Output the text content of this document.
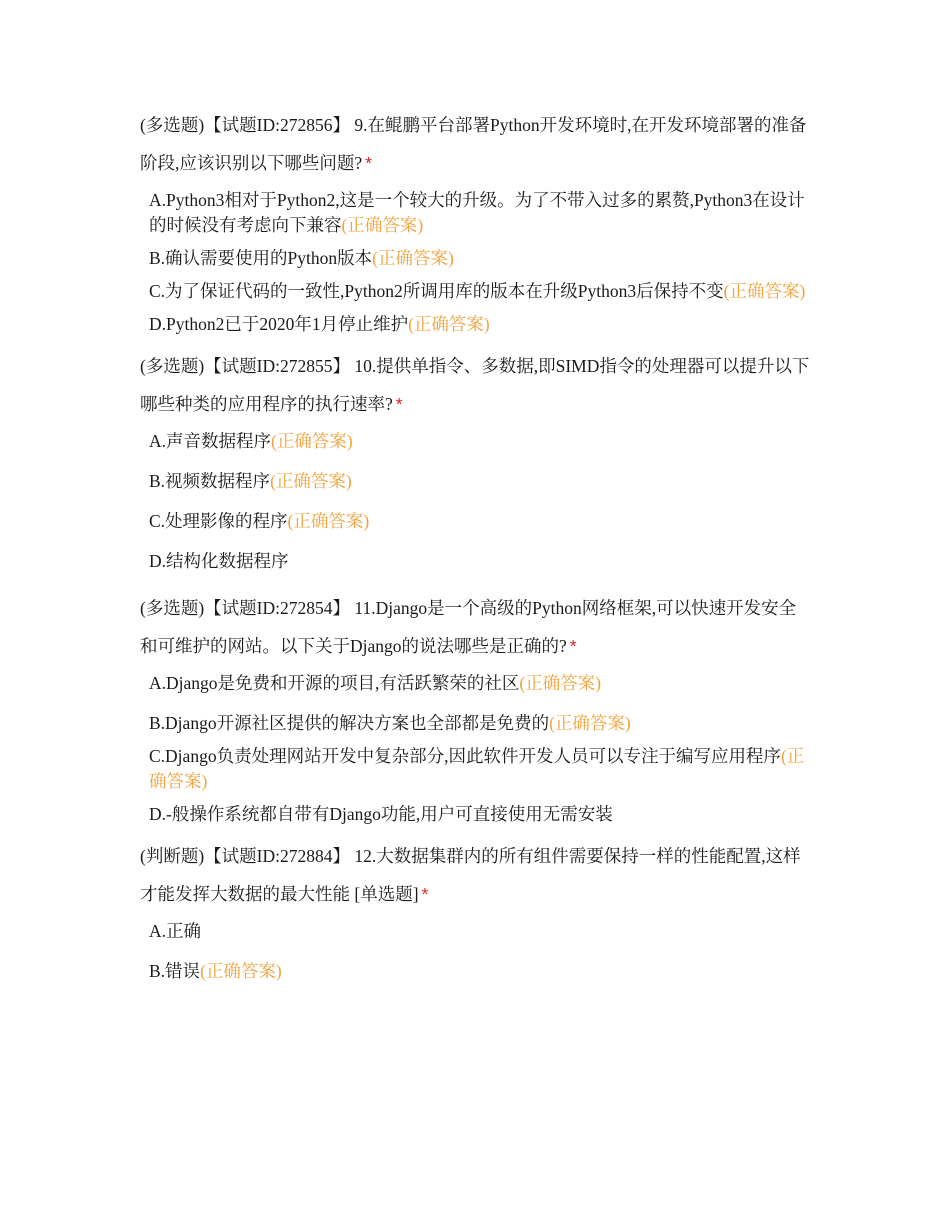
(多选题)【试题ID:272856】 9.在鲲鹏平台部署Python开发环境时,在开发环境部署的准备阶段,应该识别以下哪些问题? *
A.Python3相对于Python2,这是一个较大的升级。为了不带入过多的累赘,Python3在设计的时候没有考虑向下兼容(正确答案)
B.确认需要使用的Python版本(正确答案)
C.为了保证代码的一致性,Python2所调用库的版本在升级Python3后保持不变(正确答案)
D.Python2已于2020年1月停止维护(正确答案)
(多选题)【试题ID:272855】 10.提供单指令、多数据,即SIMD指令的处理器可以提升以下哪些种类的应用程序的执行速率? *
A.声音数据程序(正确答案)
B.视频数据程序(正确答案)
C.处理影像的程序(正确答案)
D.结构化数据程序
(多选题)【试题ID:272854】 11.Django是一个高级的Python网络框架,可以快速开发安全和可维护的网站。以下关于Django的说法哪些是正确的? *
A.Django是免费和开源的项目,有活跃繁荣的社区(正确答案)
B.Django开源社区提供的解决方案也全部都是免费的(正确答案)
C.Django负责处理网站开发中复杂部分,因此软件开发人员可以专注于编写应用程序(正确答案)
D.-般操作系统都自带有Django功能,用户可直接使用无需安装
(判断题)【试题ID:272884】 12.大数据集群内的所有组件需要保持一样的性能配置,这样才能发挥大数据的最大性能 [单选题] *
A.正确
B.错误(正确答案)
